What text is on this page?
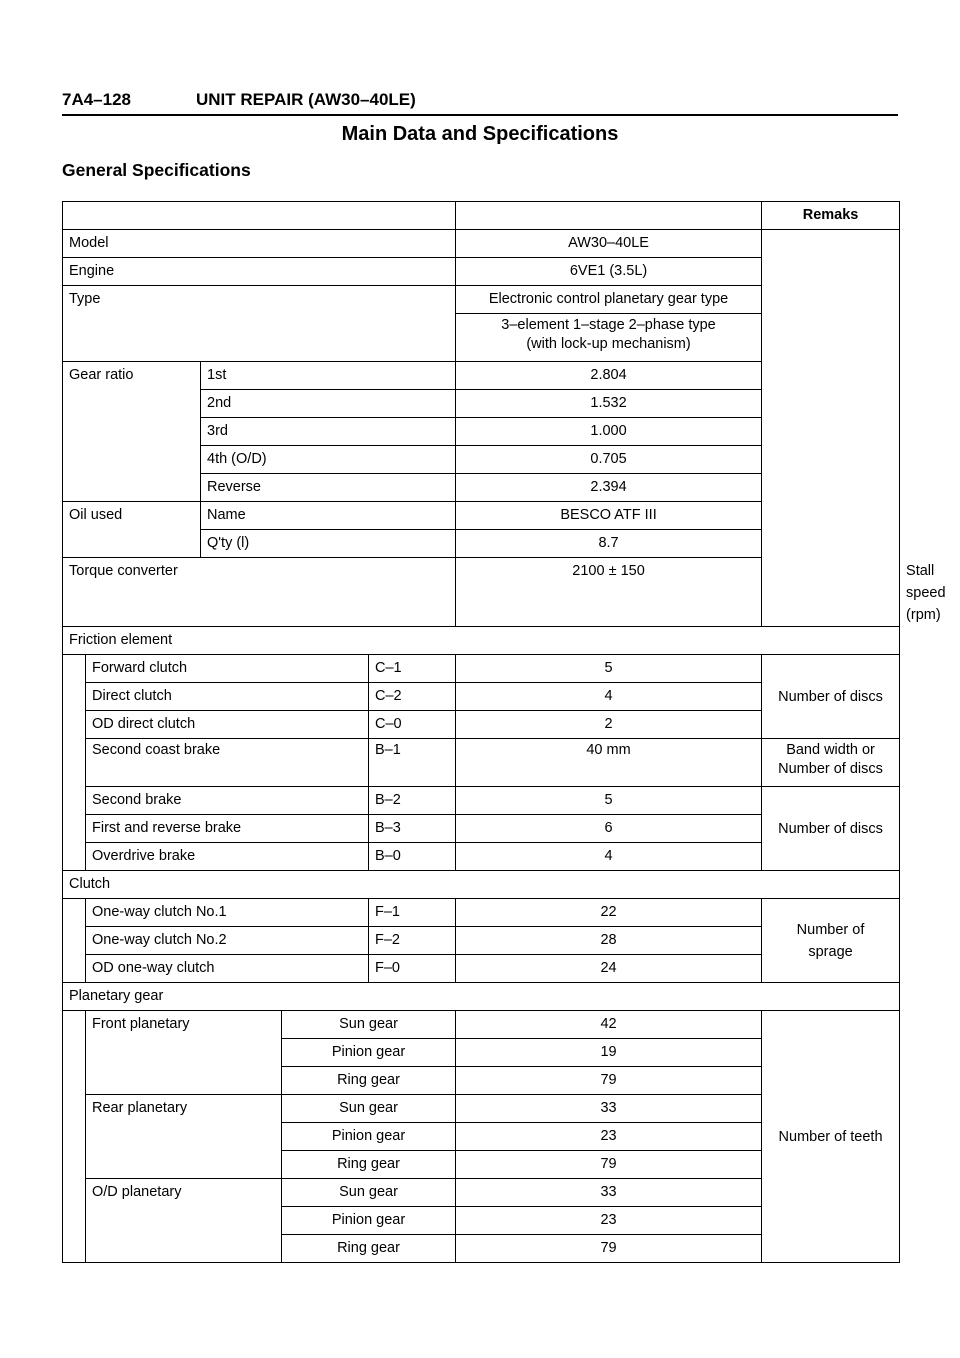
7A4–128	UNIT REPAIR (AW30–40LE)
Main Data and Specifications
General Specifications
						Remaks	
Model					AW30–40LE		
Engine					6VE1 (3.5L)		
Type					Electronic control planetary gear type		

					3–element 1–stage 2–phase type
(with lock-up mechanism)		

Gear ratio		1st			2.804		
		2nd			1.532		
		3rd			1.000		
		4th (O/D)			0.705		
		Reverse			2.394		
Oil used		Name			BESCO ATF III		
		Q'ty (l)			8.7		
Torque converter					2100 ± 150		Stall speed (rpm)
Friction element							
	Forward clutch			C–1	5	Number of discs	
	Direct clutch			C–2	4		
	OD direct clutch			C–0	2		
	Second coast brake			B–1	40 mm	Band width or
Number of discs	

	Second brake			B–2	5	Number of discs	
	First and reverse brake			B–3	6		
	Overdrive brake			B–0	4		
Clutch							
	One-way clutch No.1			F–1	22	Number of
sprage	

	One-way clutch No.2			F–2	28		
	OD one-way clutch			F–0	24		
Planetary gear							
	Front planetary		Sun gear		42	Number of teeth	
			Pinion gear		19		
			Ring gear		79		
	Rear planetary		Sun gear		33		
			Pinion gear		23		
			Ring gear		79		
	O/D planetary		Sun gear		33		
			Pinion gear		23		
			Ring gear		79		
